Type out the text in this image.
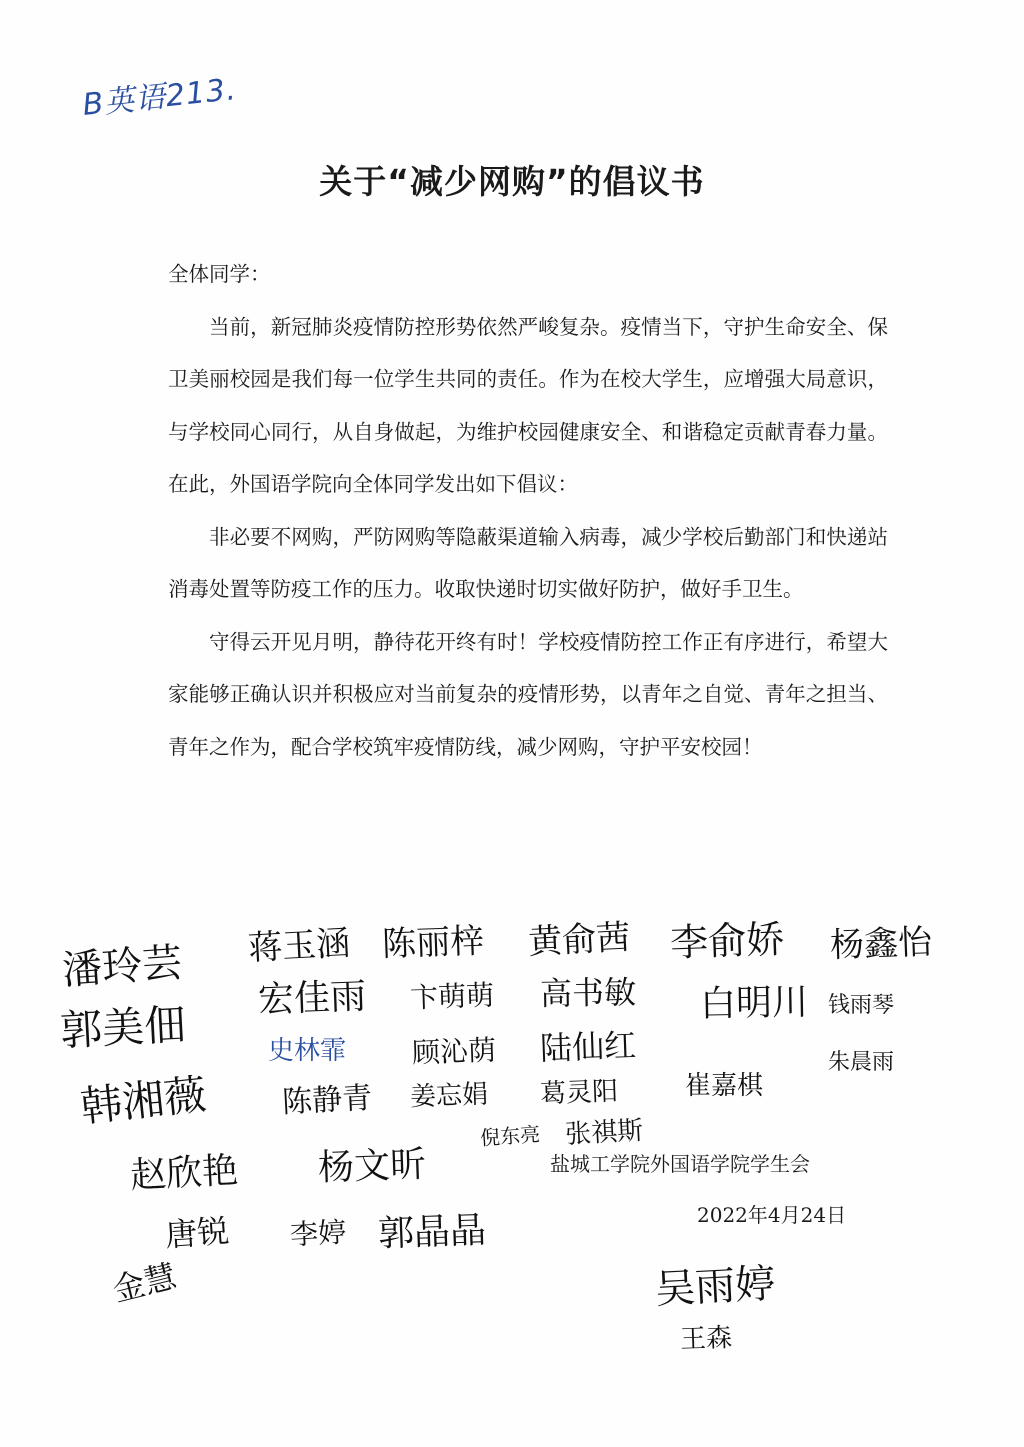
B英语213.
关于“减少网购”的倡议书

全体同学：

当前，新冠肺炎疫情防控形势依然严峻复杂。疫情当下，守护生命安全、保卫美丽校园是我们每一位学生共同的责任。作为在校大学生，应增强大局意识，与学校同心同行，从自身做起，为维护校园健康安全、和谐稳定贡献青春力量。在此，外国语学院向全体同学发出如下倡议：

非必要不网购，严防网购等隐蔽渠道输入病毒，减少学校后勤部门和快递站消毒处置等防疫工作的压力。收取快递时切实做好防护，做好手卫生。

守得云开见月明，静待花开终有时！学校疫情防控工作正有序进行，希望大家能够正确认识并积极应对当前复杂的疫情形势，以青年之自觉、青年之担当、青年之作为，配合学校筑牢疫情防线，减少网购，守护平安校园！

盐城工学院外国语学院学生会
2022年4月24日
潘玲芸 蒋玉涵 陈丽梓 黄俞茜 李俞娇 杨鑫怡
郭美佃
宏佳雨 卞萌萌 高书敏 白明川 钱雨琴
史林霏 顾沁荫 陆仙红	朱晨雨
韩湘薇 陈静青 姜忘娟 葛灵阳	崔嘉棋
倪东亮 张祺斯
赵欣艳 杨文昕
唐锐 李婷 郭晶晶
金慧	吴雨婷
王森
